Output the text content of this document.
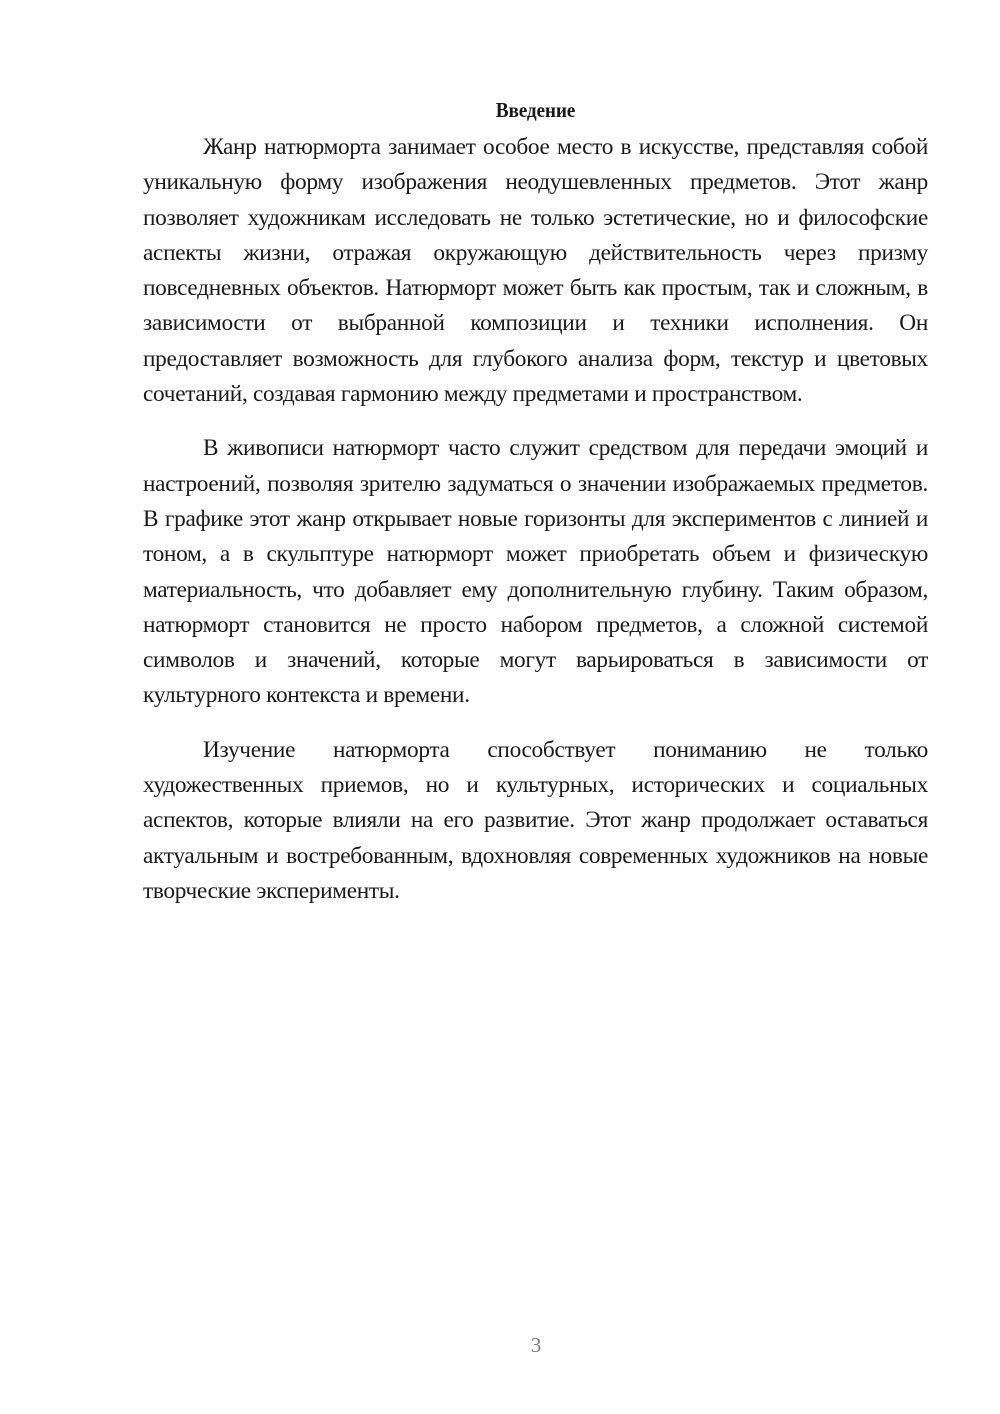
Введение

Жанр натюрморта занимает особое место в искусстве, представляя собой уникальную форму изображения неодушевленных предметов. Этот жанр позволяет художникам исследовать не только эстетические, но и философские аспекты жизни, отражая окружающую действительность через призму повседневных объектов. Натюрморт может быть как простым, так и сложным, в зависимости от выбранной композиции и техники исполнения. Он предоставляет возможность для глубокого анализа форм, текстур и цветовых сочетаний, создавая гармонию между предметами и пространством.

В живописи натюрморт часто служит средством для передачи эмоций и настроений, позволяя зрителю задуматься о значении изображаемых предметов. В графике этот жанр открывает новые горизонты для экспериментов с линией и тоном, а в скульптуре натюрморт может приобретать объем и физическую материальность, что добавляет ему дополнительную глубину. Таким образом, натюрморт становится не просто набором предметов, а сложной системой символов и значений, которые могут варьироваться в зависимости от культурного контекста и времени.

Изучение натюрморта способствует пониманию не только художественных приемов, но и культурных, исторических и социальных аспектов, которые влияли на его развитие. Этот жанр продолжает оставаться актуальным и востребованным, вдохновляя современных художников на новые творческие эксперименты.

3
